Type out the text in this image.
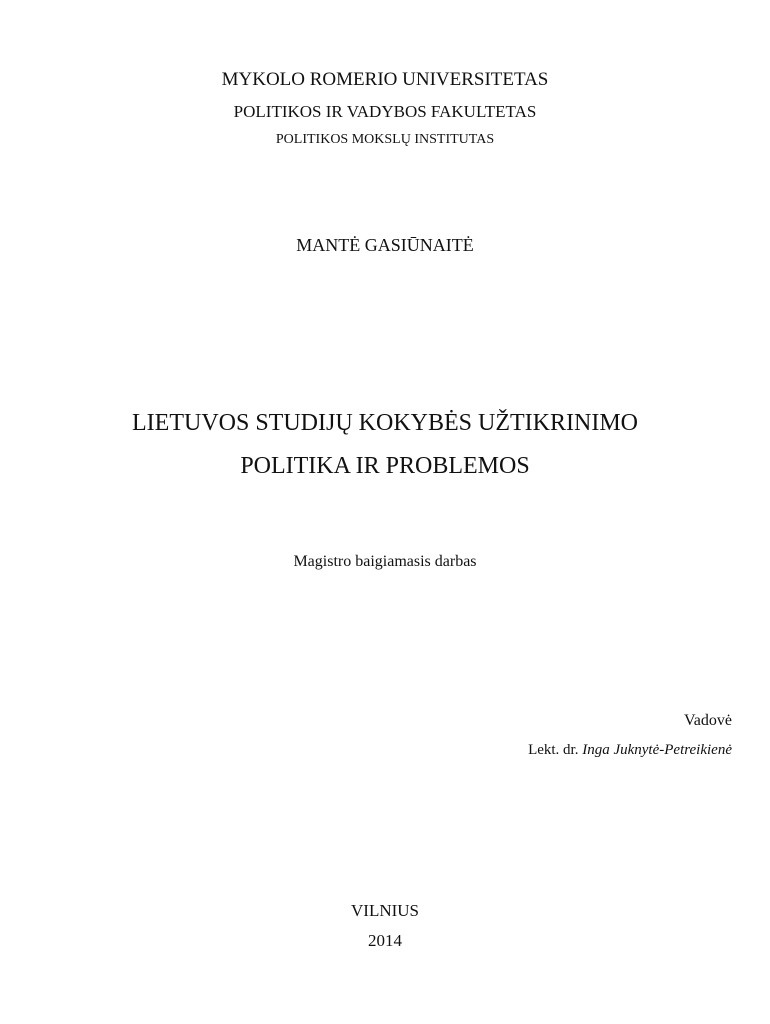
MYKOLO ROMERIO UNIVERSITETAS
POLITIKOS IR VADYBOS FAKULTETAS
POLITIKOS MOKSLŲ INSTITUTAS
MANTĖ GASIŪNAITĖ
LIETUVOS STUDIJŲ KOKYBĖS UŽTIKRINIMO
POLITIKA IR PROBLEMOS
Magistro baigiamasis darbas
Vadovė
Lekt. dr. Inga Juknytė-Petreikienė
VILNIUS
2014
